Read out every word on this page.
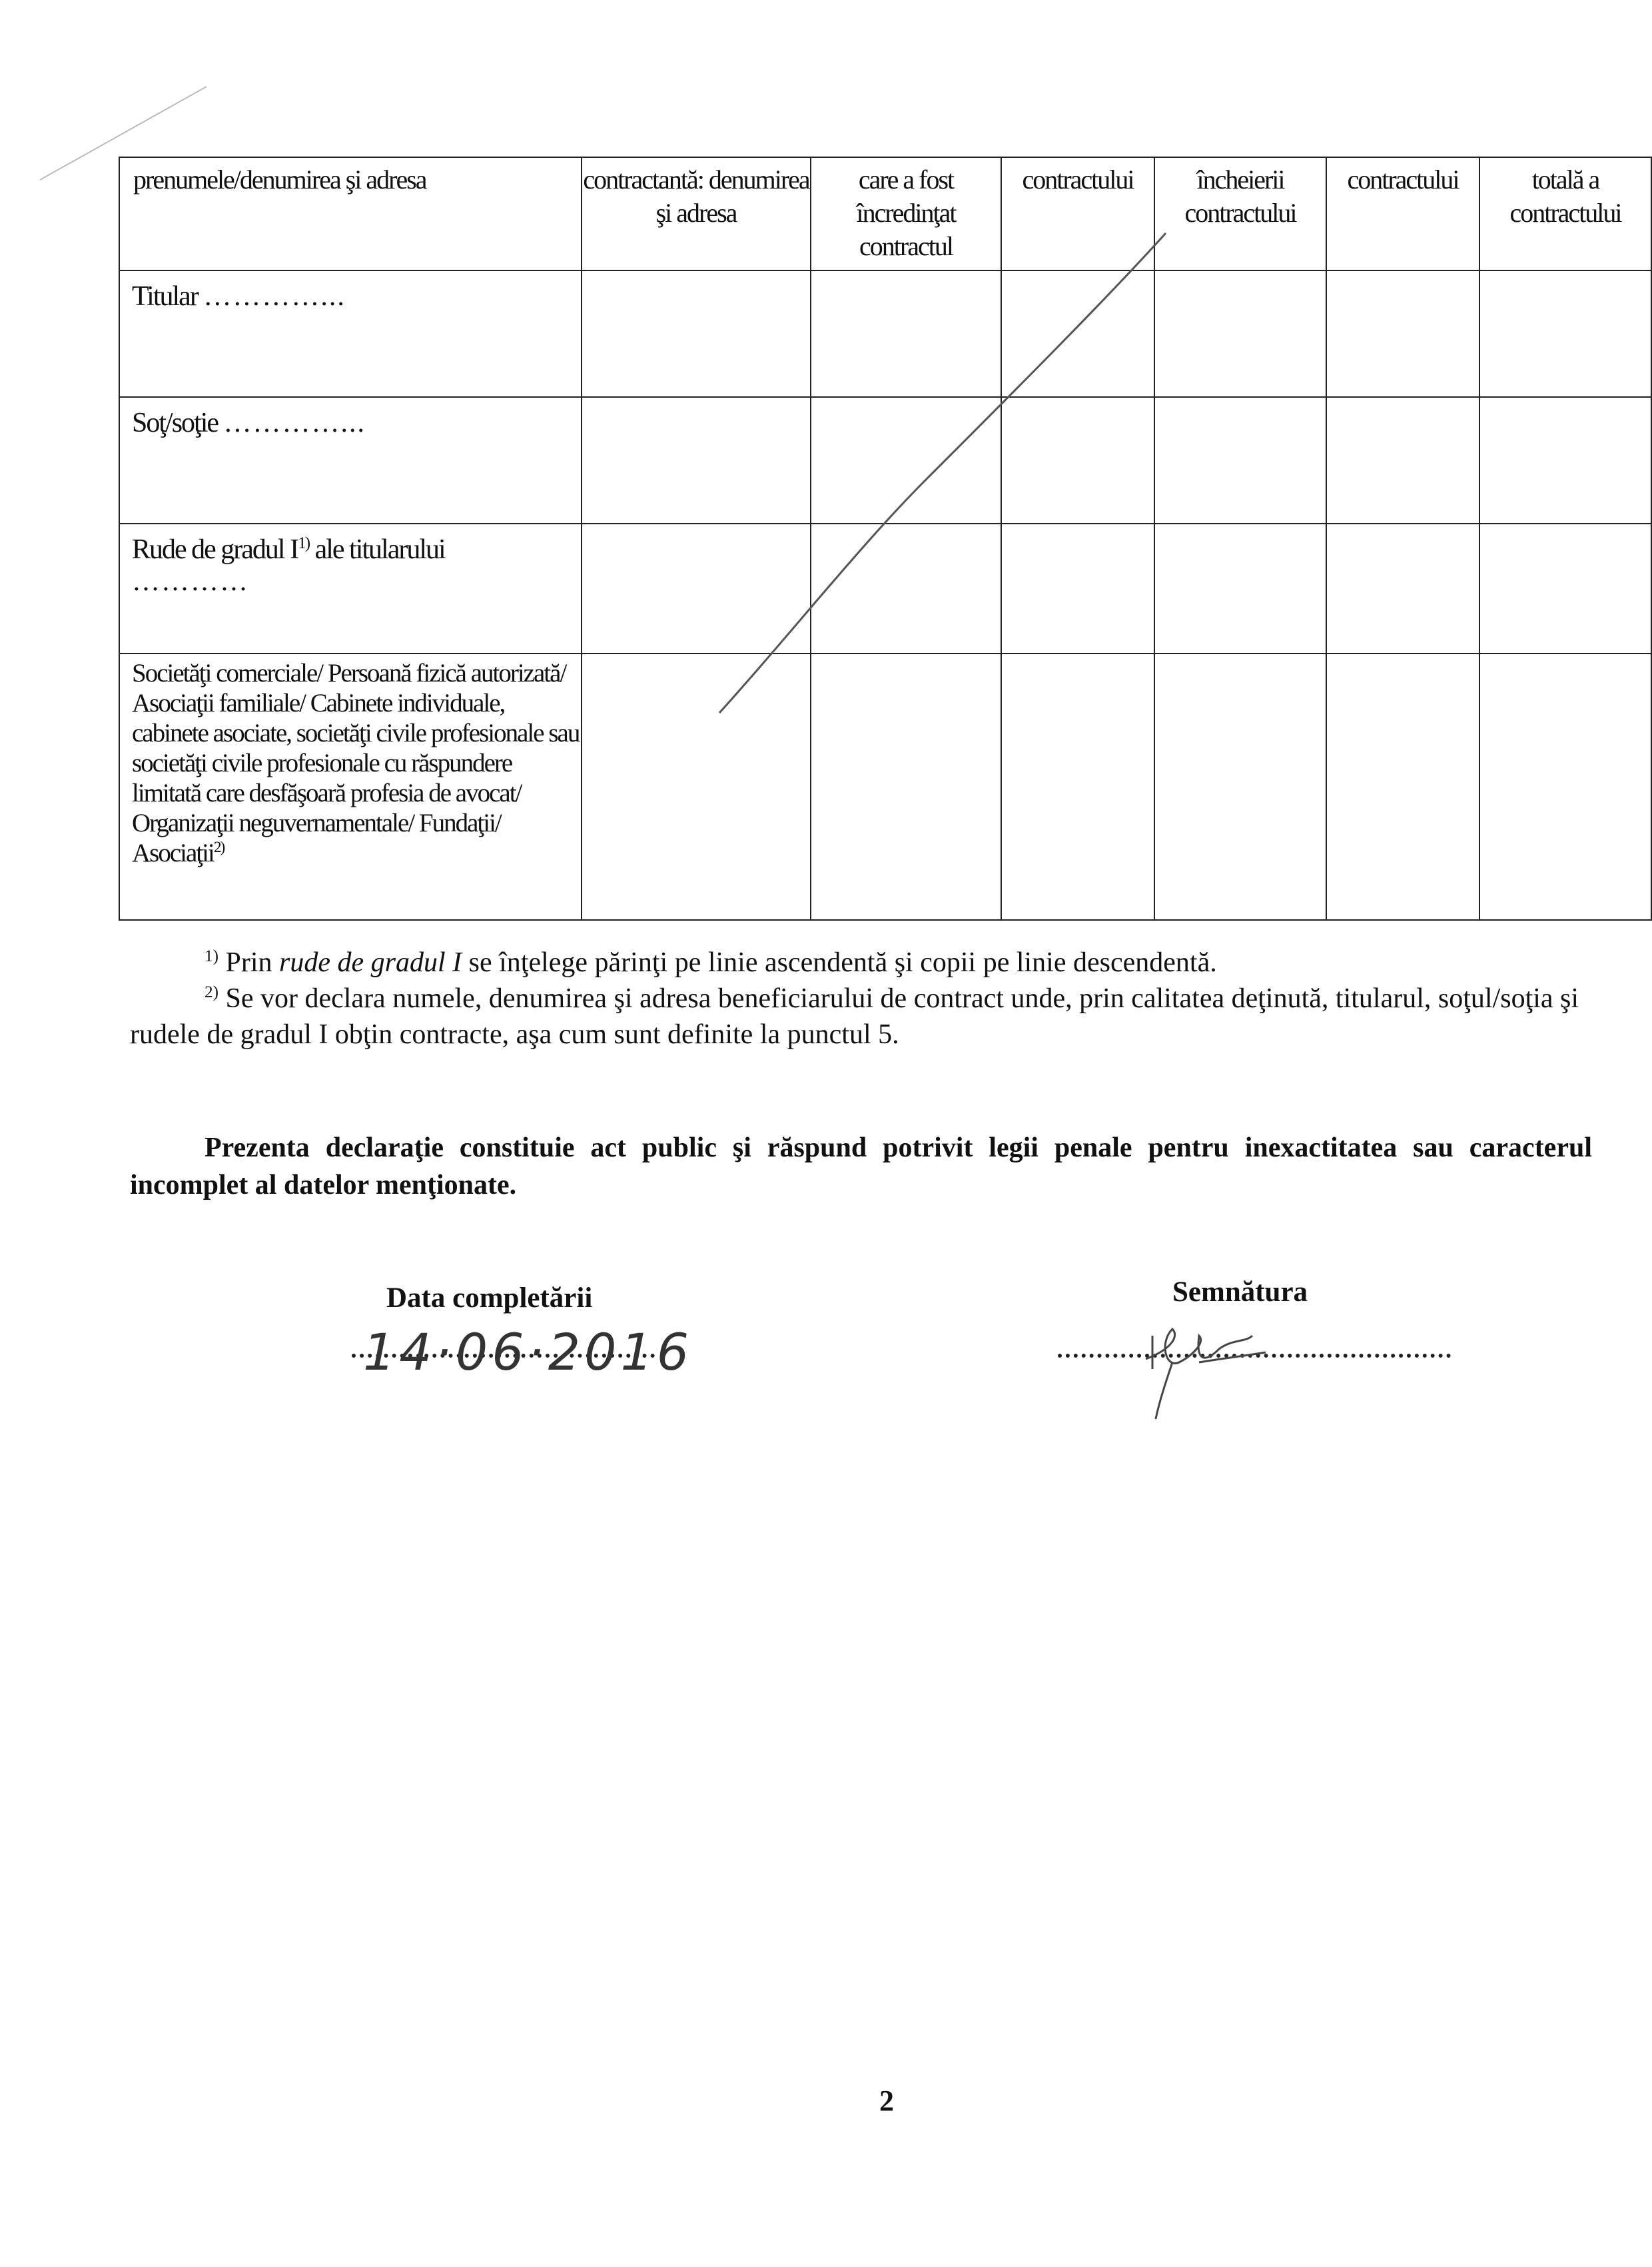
prenumele/denumirea şi adresa	contractantă: denumirea şi adresa	care a fost încredinţat contractul	contractului	încheierii contractului	contractului	totală a contractului
Titular …………...						
Soţ/soţie …………...						
Rude de gradul $I^{1)}$ ale titularului
…………						
Societăţi comerciale/ Persoană fizică autorizată/ Asociaţii familiale/ Cabinete individuale, cabinete asociate, societăţi civile profesionale sau societăţi civile profesionale cu răspundere limitată care desfăşoară profesia de avocat/ Organizaţii neguvernamentale/ Fundaţii/ Asociaţii$^{2)}$						

$^{1)}$ Prin rude de gradul I se înţelege părinţi pe linie ascendentă şi copii pe linie descendentă.

$^{2)}$ Se vor declara numele, denumirea şi adresa beneficiarului de contract unde, prin calitatea deţinută, titularul, soţul/soţia şi rudele de gradul I obţin contracte, aşa cum sunt definite la punctul 5.

Prezenta declaraţie constituie act public şi răspund potrivit legii penale pentru inexactitatea sau caracterul incomplet al datelor menţionate.
Data completării
14·06·2016
Semnătura
2
